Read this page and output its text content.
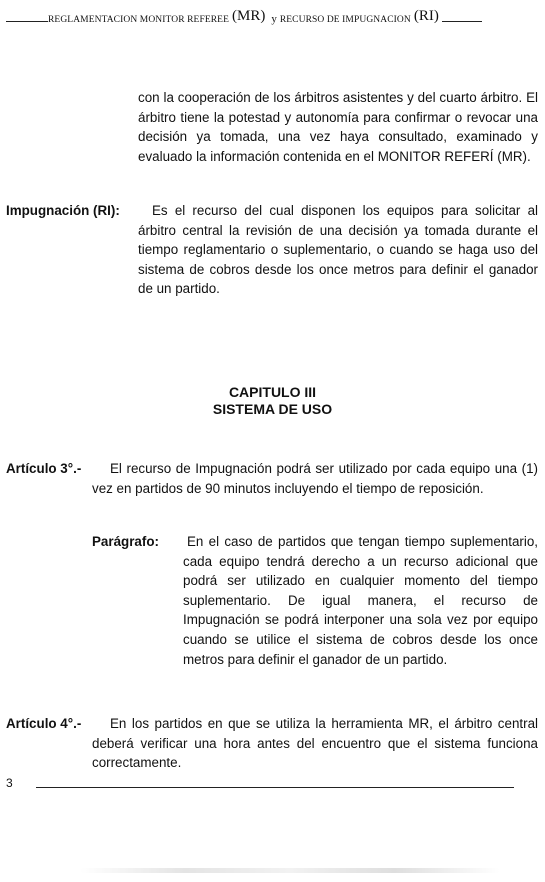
REGLAMENTACION MONITOR REFEREE (MR) y RECURSO DE IMPUGNACION (RI)
con la cooperación de los árbitros asistentes y del cuarto árbitro. El árbitro tiene la potestad y autonomía para confirmar o revocar una decisión ya tomada, una vez haya consultado, examinado y evaluado la información contenida en el MONITOR REFERÍ (MR).
Impugnación (RI):	Es el recurso del cual disponen los equipos para solicitar al árbitro central la revisión de una decisión ya tomada durante el tiempo reglamentario o suplementario, o cuando se haga uso del sistema de cobros desde los once metros para definir el ganador de un partido.
CAPITULO III
SISTEMA DE USO
Artículo 3°.-	El recurso de Impugnación podrá ser utilizado por cada equipo una (1) vez en partidos de 90 minutos incluyendo el tiempo de reposición.
Parágrafo: En el caso de partidos que tengan tiempo suplementario, cada equipo tendrá derecho a un recurso adicional que podrá ser utilizado en cualquier momento del tiempo suplementario. De igual manera, el recurso de Impugnación se podrá interponer una sola vez por equipo cuando se utilice el sistema de cobros desde los once metros para definir el ganador de un partido.
Artículo 4°.-	En los partidos en que se utiliza la herramienta MR, el árbitro central deberá verificar una hora antes del encuentro que el sistema funciona correctamente.
3
